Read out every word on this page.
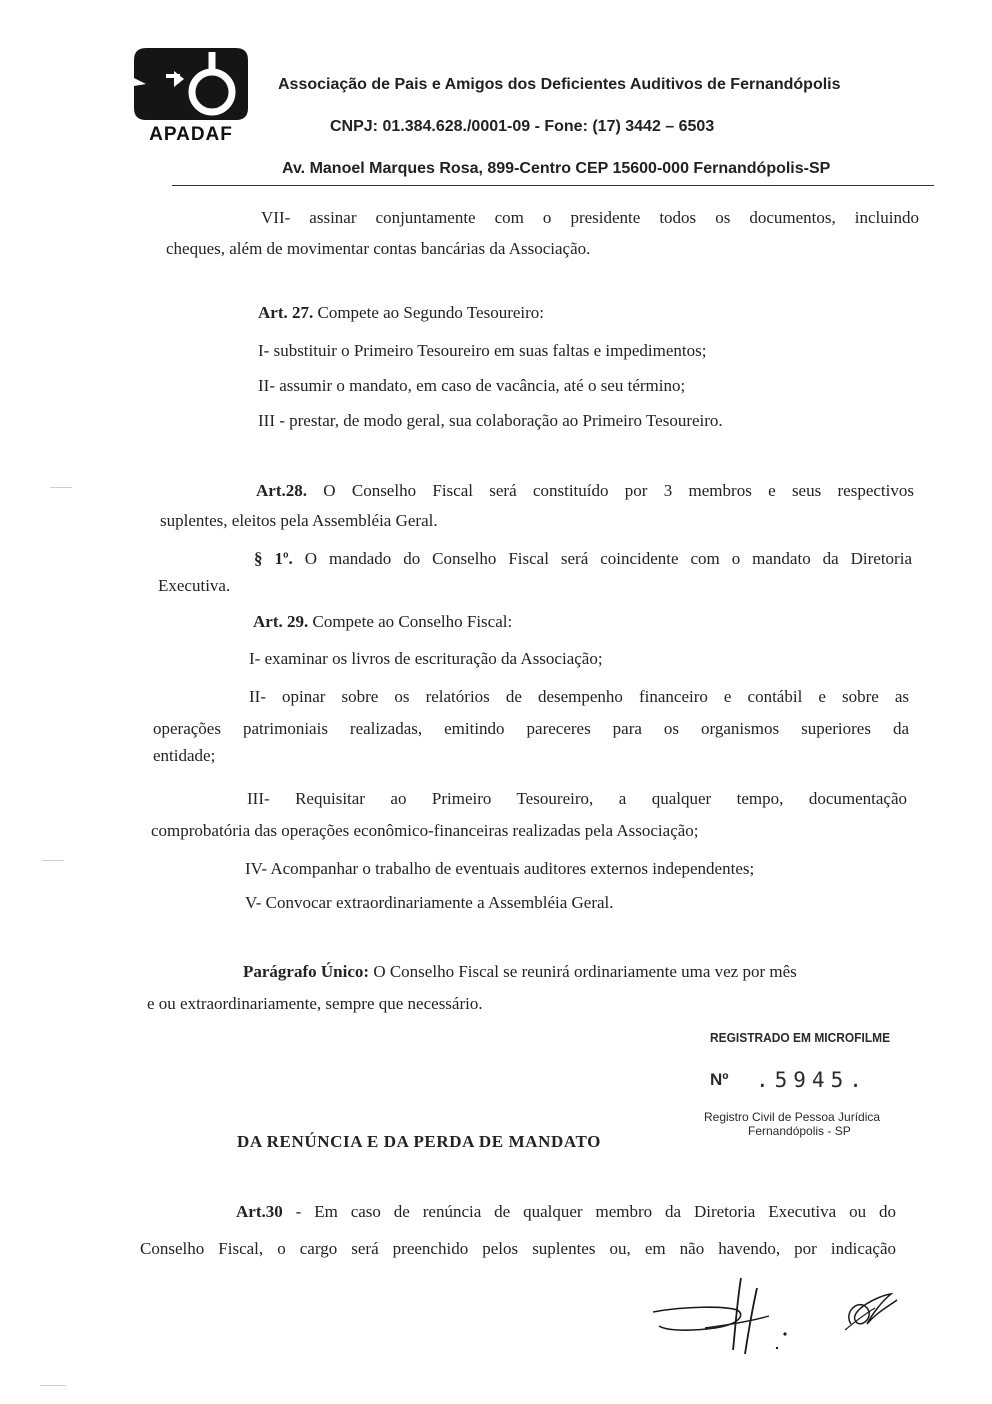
APADAF
Associação de Pais e Amigos dos Deficientes Auditivos de Fernandópolis
CNPJ: 01.384.628./0001-09 - Fone: (17) 3442 – 6503
Av. Manoel Marques Rosa, 899-Centro CEP 15600-000 Fernandópolis-SP
VII- assinar conjuntamente com o presidente todos os documentos, incluindo
cheques, além de movimentar contas bancárias da Associação.
Art. 27. Compete ao Segundo Tesoureiro:
I- substituir o Primeiro Tesoureiro em suas faltas e impedimentos;
II- assumir o mandato, em caso de vacância, até o seu término;
III - prestar, de modo geral, sua colaboração ao Primeiro Tesoureiro.
Art.28. O Conselho Fiscal será constituído por 3 membros e seus respectivos
suplentes, eleitos pela Assembléia Geral.
§ 1º. O mandado do Conselho Fiscal será coincidente com o mandato da Diretoria
Executiva.
Art. 29. Compete ao Conselho Fiscal:
I- examinar os livros de escrituração da Associação;
II- opinar sobre os relatórios de desempenho financeiro e contábil e sobre as
operações patrimoniais realizadas, emitindo pareceres para os organismos superiores da
entidade;
III- Requisitar ao Primeiro Tesoureiro, a qualquer tempo, documentação
comprobatória das operações econômico-financeiras realizadas pela Associação;
IV- Acompanhar o trabalho de eventuais auditores externos independentes;
V- Convocar extraordinariamente a Assembléia Geral.
Parágrafo Único: O Conselho Fiscal se reunirá ordinariamente uma vez por mês
e ou extraordinariamente, sempre que necessário.
REGISTRADO EM MICROFILME
Nº .5945.
Registro Civil de Pessoa Jurídica
Fernandópolis - SP
DA RENÚNCIA E DA PERDA DE MANDATO
Art.30 - Em caso de renúncia de qualquer membro da Diretoria Executiva ou do
Conselho Fiscal, o cargo será preenchido pelos suplentes ou, em não havendo, por indicação
